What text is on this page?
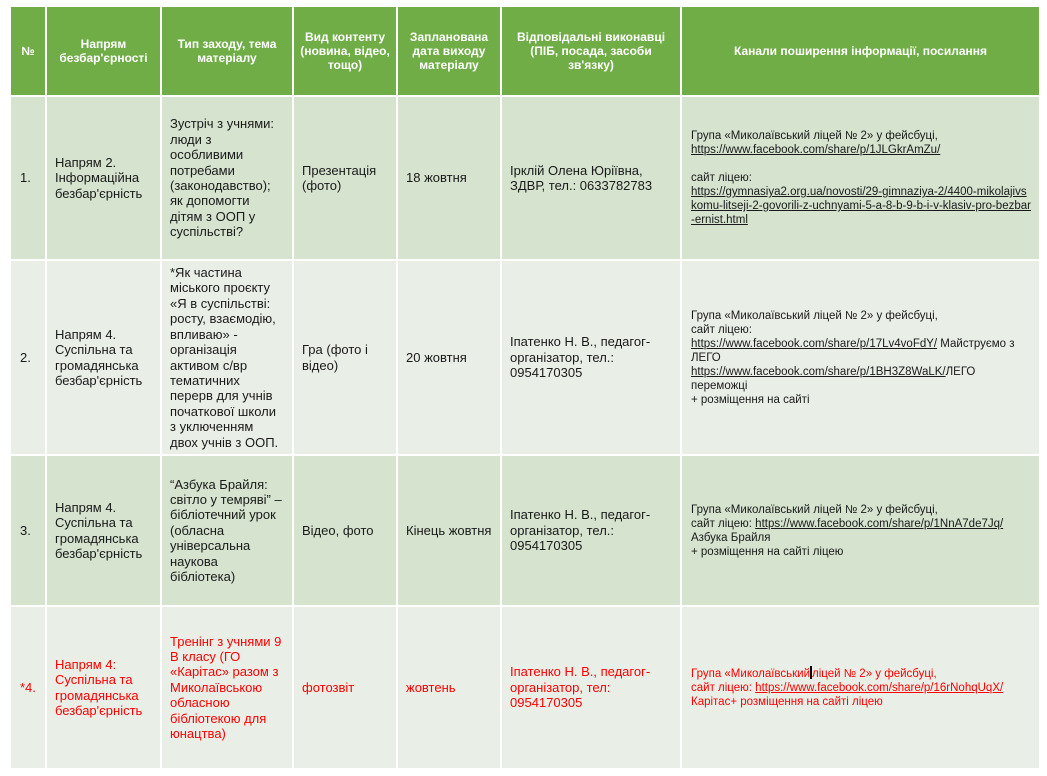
№	Напрям безбар'єрності	Тип заходу, тема матеріалу	Вид контенту (новина, відео, тощо)	Запланована дата виходу матеріалу	Відповідальні виконавці (ПІБ, посада, засоби зв'язку)	Канали поширення інформації, посилання
1.	Напрям 2. Інформаційна безбар'єрність	Зустріч з учнями: люди з особливими потребами (законодавство); як допомогти дітям з ООП у суспільстві?	Презентація (фото)	18 жовтня	Ірклій Олена Юріївна, ЗДВР, тел.: 0633782783	Група «Миколаївський ліцей № 2» у фейсбуці,
https://www.facebook.com/share/p/1JLGkrAmZu/
сайт ліцею:
https://gymnasiya2.org.ua/novosti/29-gimnaziya-2/4400-mikolajivskomu-litseji-2-govorili-z-uchnyami-5-a-8-b-9-b-i-v-klasiv-pro-bezbar-ernist.html

2.	Напрям 4. Суспільна та громадянська безбар'єрність	*Як частина міського проєкту «Я в суспільстві: росту, взаємодію, впливаю» - організація активом с/вр тематичних перерв для учнів початкової школи з уключенням двох учнів з ООП.	Гра (фото і відео)	20 жовтня	Іпатенко Н. В., педагог-організатор, тел.: 0954170305	Група «Миколаївський ліцей № 2» у фейсбуці,
сайт ліцею:
https://www.facebook.com/share/p/17Lv4voFdY/ Майструємо з ЛЕГО
https://www.facebook.com/share/p/1BH3Z8WaLK/ЛЕГО переможці
+ розміщення на сайті

3.	Напрям 4. Суспільна та громадянська безбар'єрність	“Азбука Брайля: світло у темряві” – бібліотечний урок (обласна універсальна наукова бібліотека)	Відео, фото	Кінець жовтня	Іпатенко Н. В., педагог-організатор, тел.: 0954170305	Група «Миколаївський ліцей № 2» у фейсбуці,
сайт ліцею: https://www.facebook.com/share/p/1NnA7de7Jq/
Азбука Брайля
+ розміщення на сайті ліцею

*4.	Напрям 4: Суспільна та громадянська безбар'єрність	Тренінг з учнями 9 В класу (ГО «Карітас» разом з Миколаївською обласною бібліотекою для юнацтва)	фотозвіт	жовтень	Іпатенко Н. В., педагог-організатор, тел: 0954170305	Група «Миколаївський ліцей № 2» у фейсбуці,
сайт ліцею: https://www.facebook.com/share/p/16rNohqUqX/
Карітас+ розміщення на сайті ліцею
